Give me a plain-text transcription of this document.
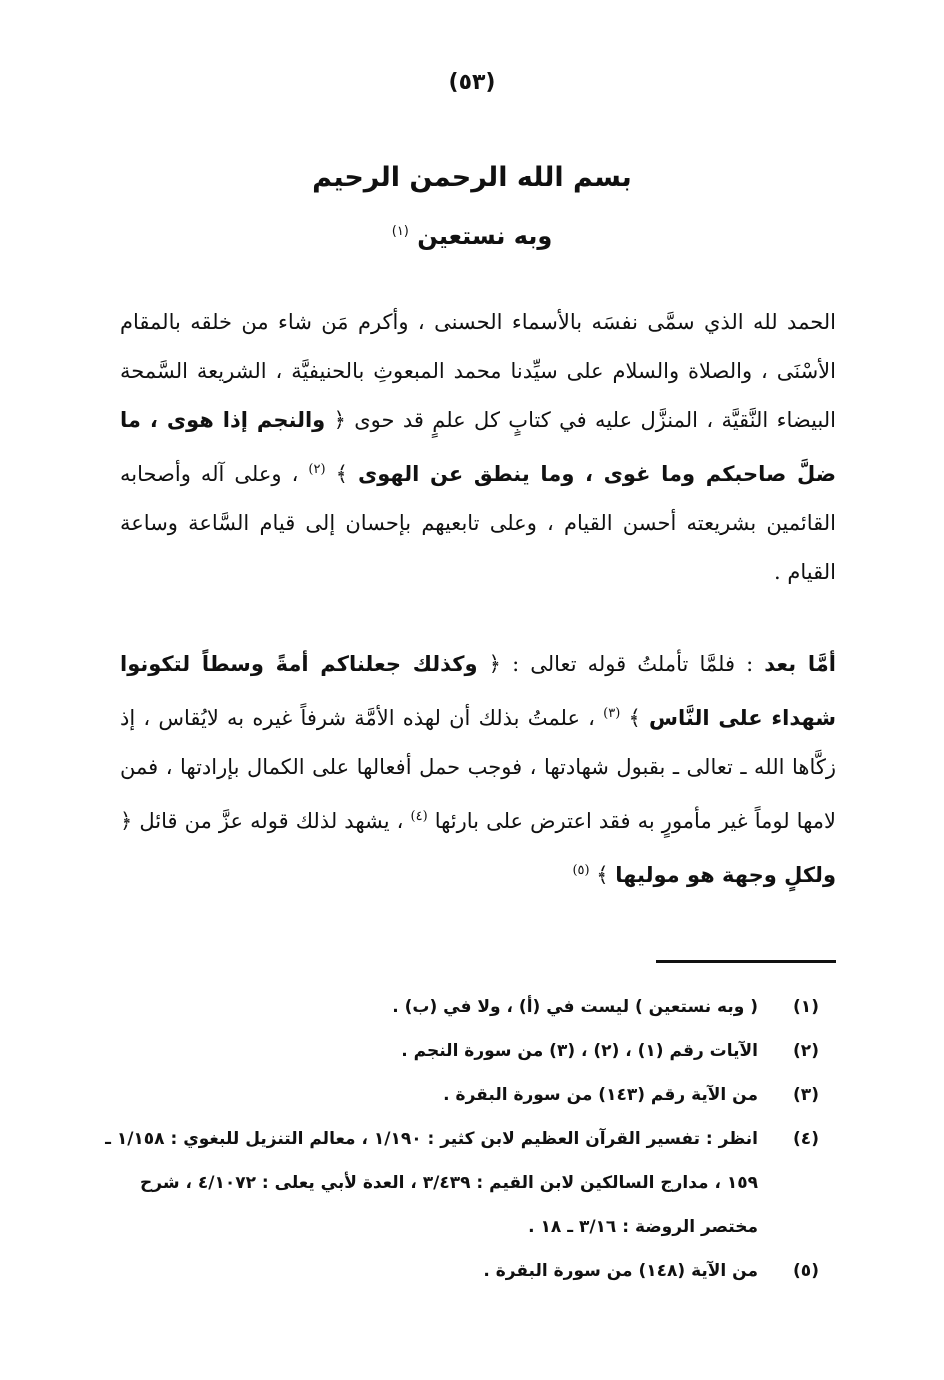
(٥٣)
بسم الله الرحمن الرحيم
وبه نستعين $^{(١)}$

الحمد لله الذي سمَّى نفسَه بالأسماء الحسنى ، وأكرم مَن شاء من خلقه بالمقام الأسْنَى ، والصلاة والسلام على سيِّدنا محمد المبعوثِ بالحنيفيَّة ، الشريعة السَّمحة البيضاء النَّقيَّة ، المنزَّل عليه في كتابٍ كل علمٍ قد حوى ﴿ والنجم إذا هوى ، ما ضلَّ صاحبكم وما غوى ، وما ينطق عن الهوى ﴾ $^{(٢)}$ ، وعلى آله وأصحابه القائمين بشريعته أحسن القيام ، وعلى تابعيهم بإحسان إلى قيام السَّاعة وساعة القيام .

أمَّا بعد : فلمَّا تأملتُ قوله تعالى : ﴿ وكذلك جعلناكم أمةً وسطاً لتكونوا شهداء على النَّاس ﴾ $^{(٣)}$ ، علمتُ بذلك أن لهذه الأمَّة شرفاً غيره به لايُقاس ، إذ زكَّاها الله ـ تعالى ـ بقبول شهادتها ، فوجب حمل أفعالها على الكمال بإرادتها ، فمن لامها لوماً غير مأمورٍ به فقد اعترض على بارئها $^{(٤)}$ ، يشهد لذلك قوله عزَّ من قائل ﴿ ولكلٍ وجهة هو موليها ﴾ $^{(٥)}$

(١)
( وبه نستعين ) ليست في (أ) ، ولا في (ب) .
(٢)
الآيات رقم (١) ، (٢) ، (٣) من سورة النجم .
(٣)
من الآية رقم (١٤٣) من سورة البقرة .
(٤)
انظر : تفسير القرآن العظيم لابن كثير : ١/١٩٠ ، معالم التنزيل للبغوي : ١/١٥٨ ـ ١٥٩ ، مدارج السالكين لابن القيم : ٣/٤٣٩ ، العدة لأبي يعلى : ٤/١٠٧٢ ، شرح مختصر الروضة : ٣/١٦ ـ ١٨ .
(٥)
من الآية (١٤٨) من سورة البقرة .
